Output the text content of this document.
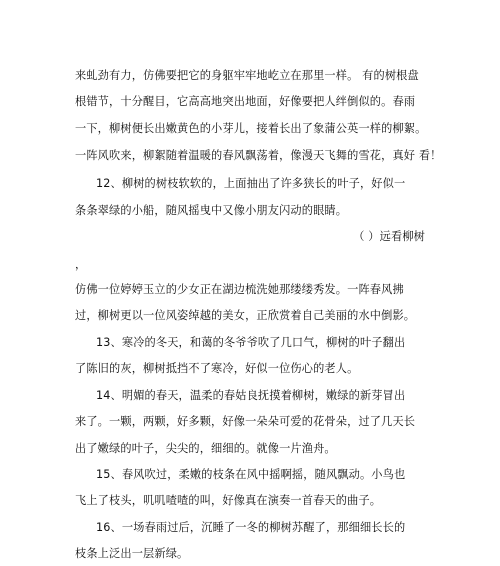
来虬劲有力，仿佛要把它的身躯牢牢地屹立在那里一样。 有的树根盘
根错节，十分醒目，它高高地突出地面，好像要把人绊倒似的。春雨
一下，柳树便长出嫩黄色的小芽儿，接着长出了象蒲公英一样的柳絮。
一阵风吹来，柳絮随着温暖的春风飘荡着，像漫天飞舞的雪花，真好 看！
12、柳树的树枝软软的，上面抽出了许多狭长的叶子，好似一
条条翠绿的小船，随风摇曳中又像小朋友闪动的眼睛。
（ ）远看柳树
，
仿佛一位婷婷玉立的少女正在湖边梳洗她那缕缕秀发。一阵春风拂
过，柳树更以一位风姿绰越的美女，正欣赏着自己美丽的水中倒影。
13、寒冷的冬天，和蔼的冬爷爷吹了几口气，柳树的叶子翻出
了陈旧的灰，柳树抵挡不了寒冷，好似一位伤心的老人。
14、明媚的春天，温柔的春姑良抚摸着柳树，嫩绿的新芽冒出
来了。一颗，两颗，好多颗，好像一朵朵可爱的花骨朵，过了几天长
出了嫩绿的叶子，尖尖的，细细的。就像一片渔舟。
15、春风吹过，柔嫩的枝条在风中摇啊摇，随风飘动。小鸟也
飞上了枝头，叽叽喳喳的叫，好像真在演奏一首春天的曲子。
16、一场春雨过后，沉睡了一冬的柳树苏醒了，那细细长长的
枝条上泛出一层新绿。
